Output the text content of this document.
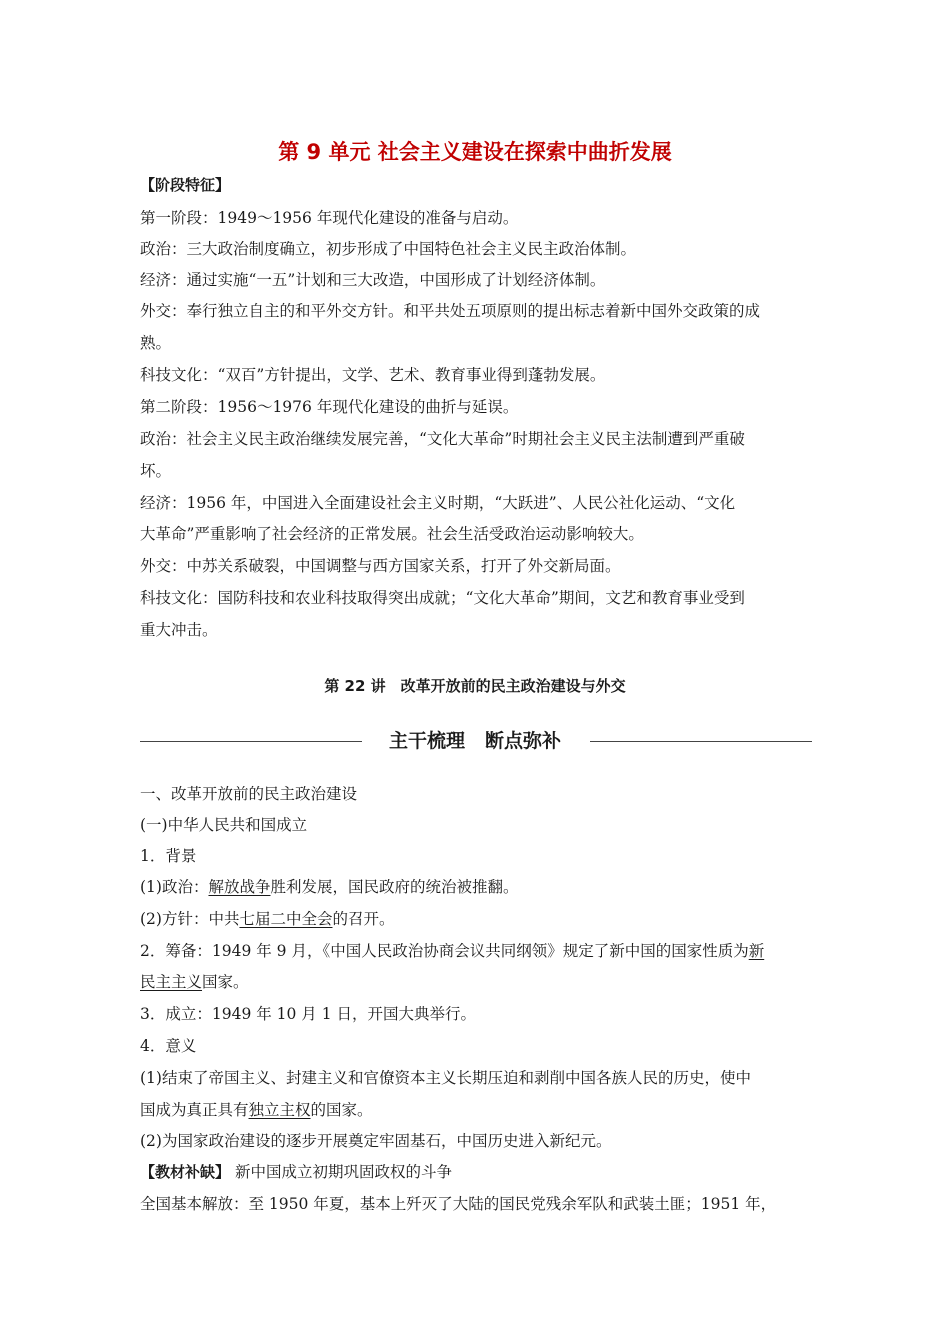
第 9 单元 社会主义建设在探索中曲折发展
【阶段特征】
第一阶段：1949～1956 年现代化建设的准备与启动。
政治：三大政治制度确立，初步形成了中国特色社会主义民主政治体制。
经济：通过实施“一五”计划和三大改造，中国形成了计划经济体制。
外交：奉行独立自主的和平外交方针。和平共处五项原则的提出标志着新中国外交政策的成
熟。
科技文化：“双百”方针提出，文学、艺术、教育事业得到蓬勃发展。
第二阶段：1956～1976 年现代化建设的曲折与延误。
政治：社会主义民主政治继续发展完善，“文化大革命”时期社会主义民主法制遭到严重破
坏。
经济：1956 年，中国进入全面建设社会主义时期，“大跃进”、人民公社化运动、“文化
大革命”严重影响了社会经济的正常发展。社会生活受政治运动影响较大。
外交：中苏关系破裂，中国调整与西方国家关系，打开了外交新局面。
科技文化：国防科技和农业科技取得突出成就；“文化大革命”期间，文艺和教育事业受到
重大冲击。
第 22 讲　改革开放前的民主政治建设与外交
主干梳理 断点弥补
一、改革开放前的民主政治建设
(一)中华人民共和国成立
1．背景
(1)政治：解放战争胜利发展，国民政府的统治被推翻。
(2)方针：中共七届二中全会的召开。
2．筹备：1949 年 9 月，《中国人民政治协商会议共同纲领》规定了新中国的国家性质为新
民主主义国家。
3．成立：1949 年 10 月 1 日，开国大典举行。
4．意义
(1)结束了帝国主义、封建主义和官僚资本主义长期压迫和剥削中国各族人民的历史，使中
国成为真正具有独立主权的国家。
(2)为国家政治建设的逐步开展奠定牢固基石，中国历史进入新纪元。
【教材补缺】 新中国成立初期巩固政权的斗争
全国基本解放：至 1950 年夏，基本上歼灭了大陆的国民党残余军队和武装土匪；1951 年，
